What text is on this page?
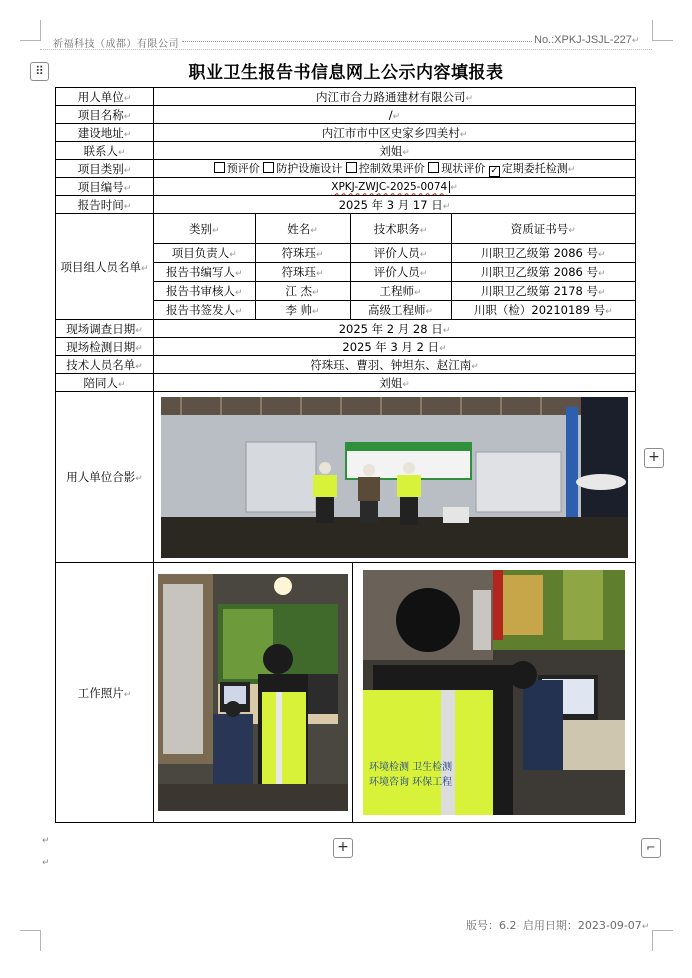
祈福科技（成都）有限公司	No.:XPKJ-JSJL-227↵
⠿	职业卫生报告书信息网上公示内容填报表
用人单位↵	内江市合力路通建材有限公司↵
项目名称↵	/↵
建设地址↵	内江市市中区史家乡四美村↵
联系人↵	刘姐↵
项目类别↵	预评价 防护设施设计 控制效果评价 现状评价 ✓ 定期委托检测↵
项目编号↵	XPKJ-ZWJC-2025-0074 ↵
报告时间↵	2025 年 3 月 17 日↵
项目组人员名单↵	
类别↵	姓名↵	技术职务↵	资质证书号↵
项目负责人↵	符珠珏↵	评价人员↵	川职卫乙级第 2086 号↵
报告书编写人↵	符珠珏↵	评价人员↵	川职卫乙级第 2086 号↵
报告书审核人↵	江 杰↵	工程师↵	川职卫乙级第 2178 号↵
报告书签发人↵	李 帅↵	高级工程师↵	川职（检）20210189 号↵

现场调查日期↵	2025 年 2 月 28 日↵
现场检测日期↵	2025 年 3 月 2 日↵
技术人员名单↵	符珠珏、曹羽、钟坦东、赵江南↵
陪同人↵	刘姐↵
用人单位合影↵	

工作照片↵	
环境检测 卫生检测
环境咨询 环保工程
+
+	⌐
↵
↵
版号：6.2· 启用日期：2023-09-07↵
